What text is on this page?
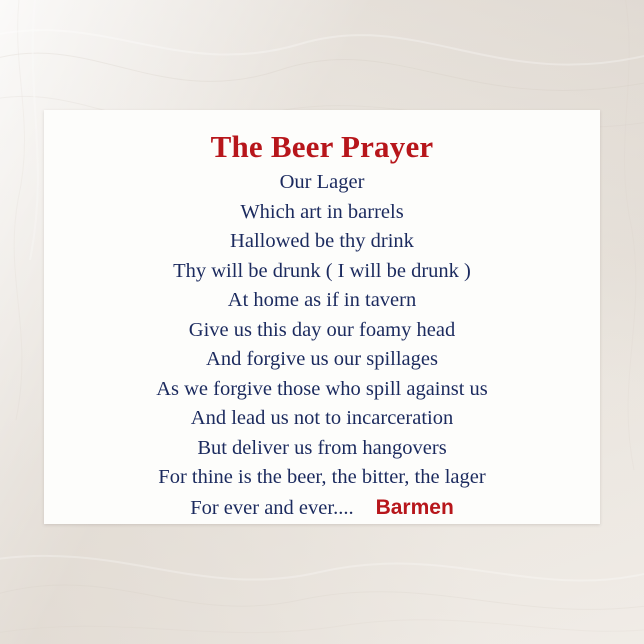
The Beer Prayer
Our Lager
Which art in barrels
Hallowed be thy drink
Thy will be drunk ( I will be drunk )
At home as if in tavern
Give us this day our foamy head
And forgive us our spillages
As we forgive those who spill against us
And lead us not to incarceration
But deliver us from hangovers
For thine is the beer, the bitter, the lager
For ever and ever.... Barmen
